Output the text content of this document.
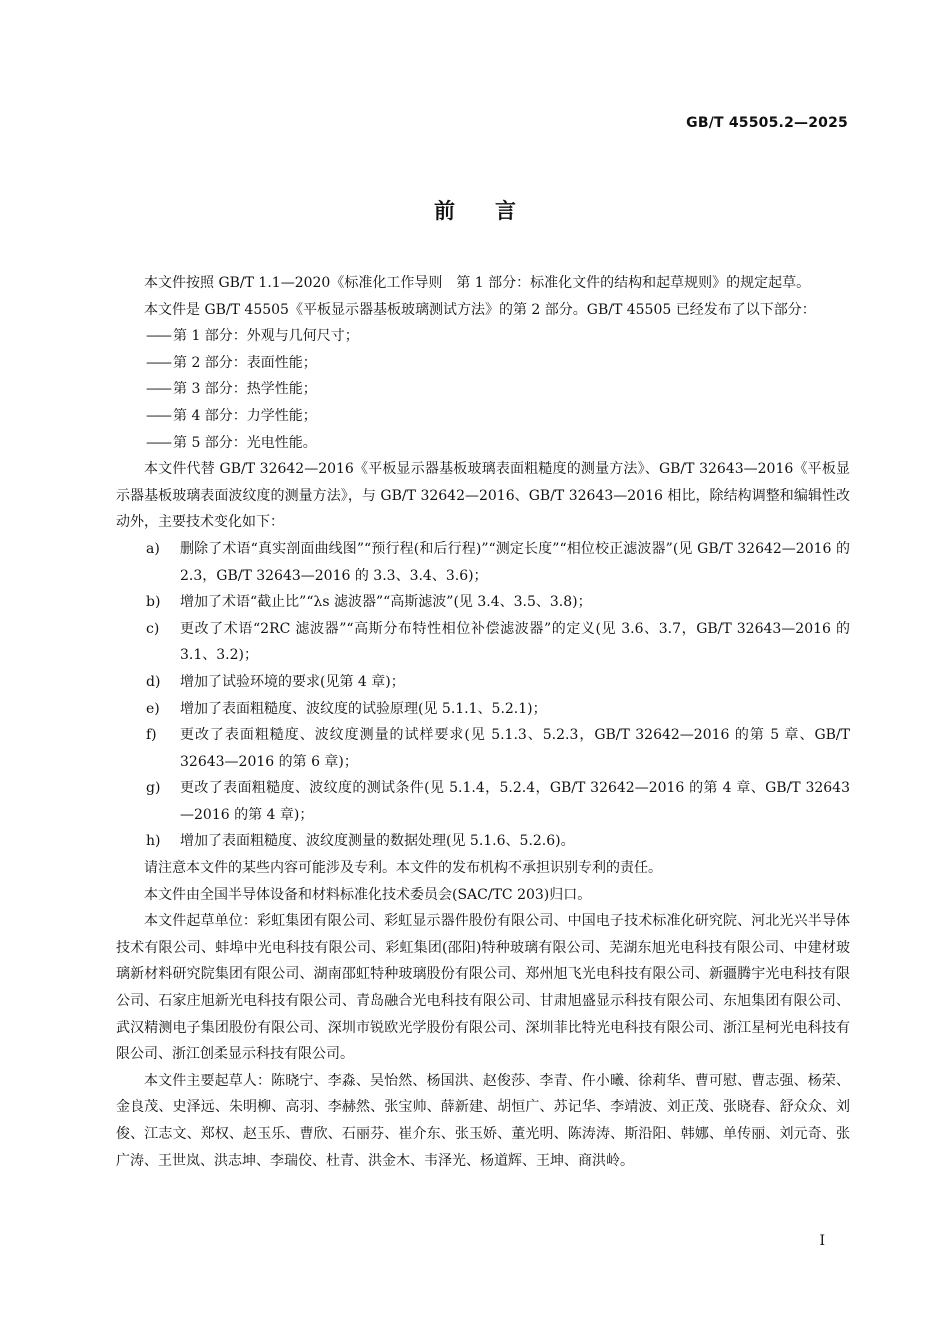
GB/T 45505.2—2025
前言

本文件按照 GB/T 1.1—2020《标准化工作导则　第 1 部分：标准化文件的结构和起草规则》的规定起草。

本文件是 GB/T 45505《平板显示器基板玻璃测试方法》的第 2 部分。GB/T 45505 已经发布了以下部分：

—— 第 1 部分：外观与几何尺寸；

—— 第 2 部分：表面性能；

—— 第 3 部分：热学性能；

—— 第 4 部分：力学性能；

—— 第 5 部分：光电性能。

本文件代替 GB/T 32642—2016《平板显示器基板玻璃表面粗糙度的测量方法》、GB/T 32643—2016《平板显示器基板玻璃表面波纹度的测量方法》，与 GB/T 32642—2016、GB/T 32643—2016 相比，除结构调整和编辑性改动外，主要技术变化如下：

a) 删除了术语“真实剖面曲线图”“预行程(和后行程)”“测定长度”“相位校正滤波器”(见 GB/T 32642—2016 的 2.3，GB/T 32643—2016 的 3.3、3.4、3.6)；

b) 增加了术语“截止比”“λs 滤波器”“高斯滤波”(见 3.4、3.5、3.8)；

c) 更改了术语“2RC 滤波器”“高斯分布特性相位补偿滤波器”的定义(见 3.6、3.7，GB/T 32643—2016 的 3.1、3.2)；

d) 增加了试验环境的要求(见第 4 章)；

e) 增加了表面粗糙度、波纹度的试验原理(见 5.1.1、5.2.1)；

f) 更改了表面粗糙度、波纹度测量的试样要求(见 5.1.3、5.2.3，GB/T 32642—2016 的第 5 章、GB/T 32643—2016 的第 6 章)；

g) 更改了表面粗糙度、波纹度的测试条件(见 5.1.4，5.2.4，GB/T 32642—2016 的第 4 章、GB/T 32643—2016 的第 4 章)；

h) 增加了表面粗糙度、波纹度测量的数据处理(见 5.1.6、5.2.6)。

请注意本文件的某些内容可能涉及专利。本文件的发布机构不承担识别专利的责任。

本文件由全国半导体设备和材料标准化技术委员会(SAC/TC 203)归口。

本文件起草单位：彩虹集团有限公司、彩虹显示器件股份有限公司、中国电子技术标准化研究院、河北光兴半导体技术有限公司、蚌埠中光电科技有限公司、彩虹集团(邵阳)特种玻璃有限公司、芜湖东旭光电科技有限公司、中建材玻璃新材料研究院集团有限公司、湖南邵虹特种玻璃股份有限公司、郑州旭飞光电科技有限公司、新疆腾宇光电科技有限公司、石家庄旭新光电科技有限公司、青岛融合光电科技有限公司、甘肃旭盛显示科技有限公司、东旭集团有限公司、武汉精测电子集团股份有限公司、深圳市锐欧光学股份有限公司、深圳菲比特光电科技有限公司、浙江星柯光电科技有限公司、浙江创柔显示科技有限公司。

本文件主要起草人：陈晓宁、李淼、吴怡然、杨国洪、赵俊莎、李青、仵小曦、徐莉华、曹可慰、曹志强、杨荣、金良茂、史泽远、朱明柳、高羽、李赫然、张宝帅、薛新建、胡恒广、苏记华、李靖波、刘正茂、张晓春、舒众众、刘俊、江志文、郑权、赵玉乐、曹欣、石丽芬、崔介东、张玉娇、董光明、陈涛涛、斯沿阳、韩娜、单传丽、刘元奇、张广涛、王世岚、洪志坤、李瑞佼、杜青、洪金木、韦泽光、杨道辉、王坤、商洪岭。

I
